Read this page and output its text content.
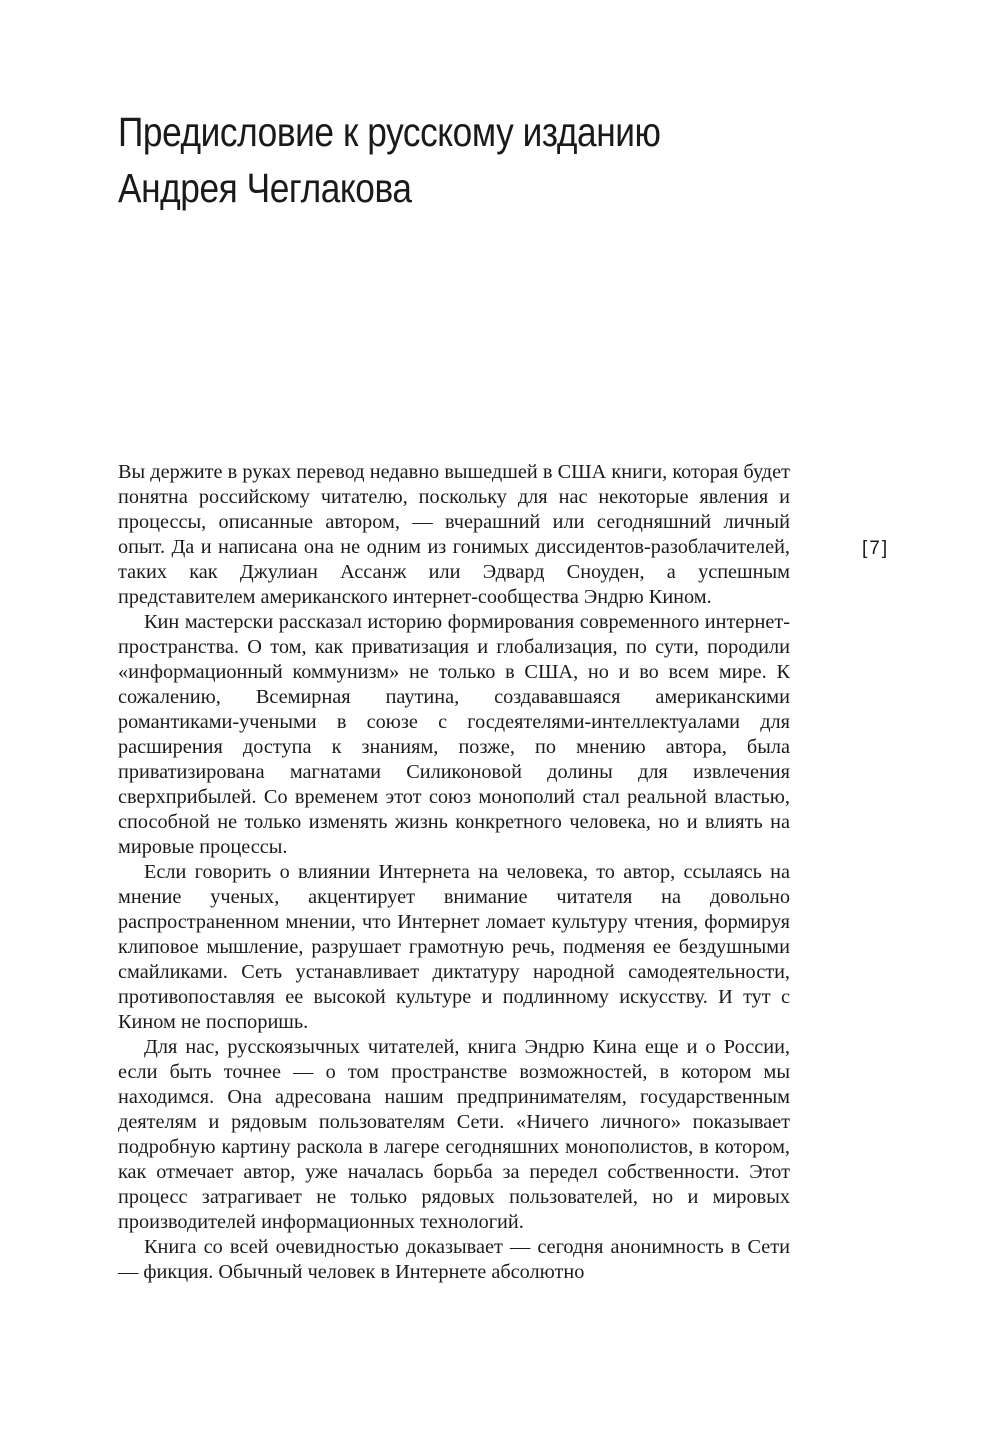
Предисловие к русскому изданию
Андрея Чеглакова
[7]

Вы держите в руках перевод недавно вышедшей в США книги, которая будет понятна российскому читателю, поскольку для нас некоторые явления и процессы, описанные автором, — вчерашний или сегодняшний личный опыт. Да и написана она не одним из гонимых диссидентов-разоблачителей, таких как Джулиан Ассанж или Эдвард Сноуден, а успешным представителем американского интернет-сообщества Эндрю Кином.

Кин мастерски рассказал историю формирования современного интернет-пространства. О том, как приватизация и глобализация, по сути, породили «информационный коммунизм» не только в США, но и во всем мире. К сожалению, Всемирная паутина, создававшаяся американскими романтиками-учеными в союзе с госдеятелями-интеллектуалами для расширения доступа к знаниям, позже, по мнению автора, была приватизирована магнатами Силиконовой долины для извлечения сверхприбылей. Со временем этот союз монополий стал реальной властью, способной не только изменять жизнь конкретного человека, но и влиять на мировые процессы.

Если говорить о влиянии Интернета на человека, то автор, ссылаясь на мнение ученых, акцентирует внимание читателя на довольно распространенном мнении, что Интернет ломает культуру чтения, формируя клиповое мышление, разрушает грамотную речь, подменяя ее бездушными смайликами. Сеть устанавливает диктатуру народной самодеятельности, противопоставляя ее высокой культуре и подлинному искусству. И тут с Кином не поспоришь.

Для нас, русскоязычных читателей, книга Эндрю Кина еще и о России, если быть точнее — о том пространстве возможностей, в котором мы находимся. Она адресована нашим предпринимателям, государственным деятелям и рядовым пользователям Сети. «Ничего личного» показывает подробную картину раскола в лагере сегодняшних монополистов, в котором, как отмечает автор, уже началась борьба за передел собственности. Этот процесс затрагивает не только рядовых пользователей, но и мировых производителей информационных технологий.

Книга со всей очевидностью доказывает — сегодня анонимность в Сети — фикция. Обычный человек в Интернете абсолютно
